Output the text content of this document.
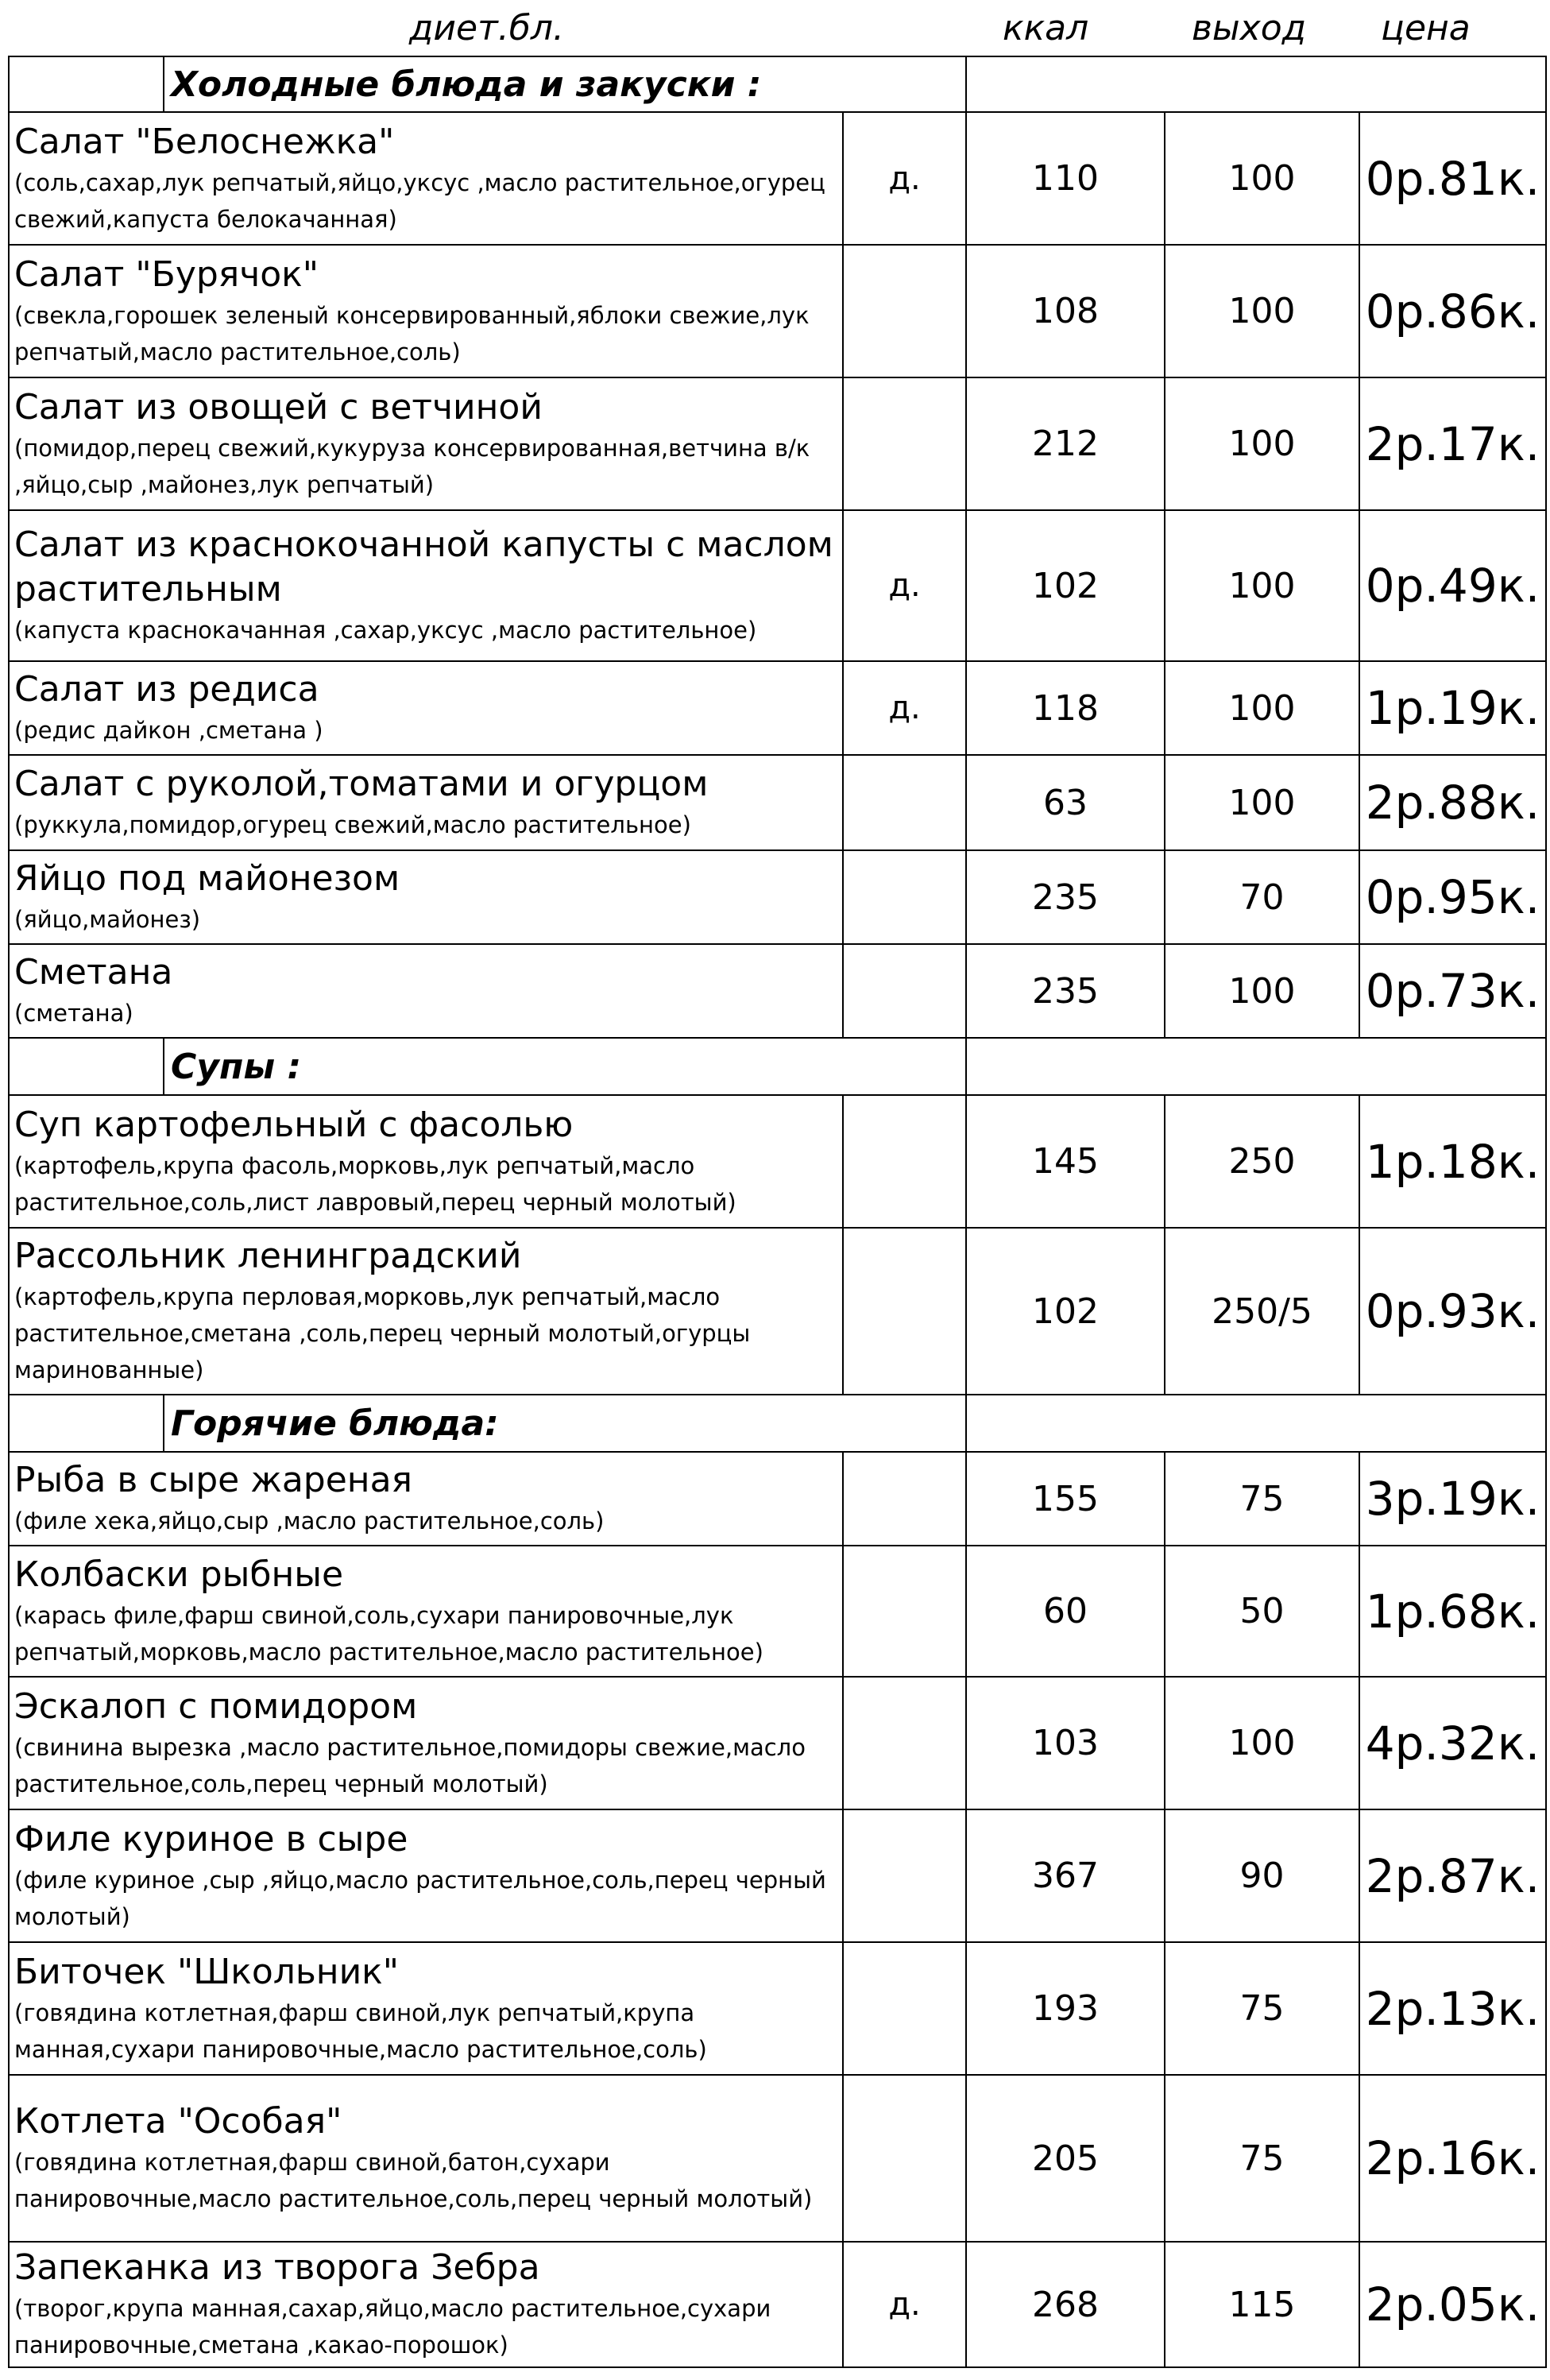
диет.бл.	ккал	выход цена
	Холодные блюда и закуски :				

Салат "Белоснежка"
(соль,сахар,лук репчатый,яйцо,уксус ,масло растительное,огурец свежий,капуста белокачанная)		д.	110	100	0р.81к.

Салат "Бурячок"
(свекла,горошек зеленый консервированный,яблоки свежие,лук репчатый,масло растительное,соль)			108	100	0р.86к.

Салат из овощей с ветчиной
(помидор,перец свежий,кукуруза консервированная,ветчина в/к ,яйцо,сыр ,майонез,лук репчатый)			212	100	2р.17к.

Салат из краснокочанной капусты с маслом растительным
(капуста краснокачанная ,сахар,уксус ,масло растительное)		д.	102	100	0р.49к.

Салат из редиса
(редис дайкон ,сметана )		д.	118	100	1р.19к.

Салат с руколой,томатами и огурцом
(руккула,помидор,огурец свежий,масло растительное)			63	100	2р.88к.

Яйцо под майонезом
(яйцо,майонез)			235	70	0р.95к.

Сметана
(сметана)			235	100	0р.73к.
	Супы :				

Суп картофельный с фасолью
(картофель,крупа фасоль,морковь,лук репчатый,масло растительное,соль,лист лавровый,перец черный молотый)			145	250	1р.18к.

Рассольник ленинградский
(картофель,крупа перловая,морковь,лук репчатый,масло растительное,сметана ,соль,перец черный молотый,огурцы маринованные)			102	250/5	0р.93к.
	Горячие блюда:				

Рыба в сыре жареная
(филе хека,яйцо,сыр ,масло растительное,соль)			155	75	3р.19к.

Колбаски рыбные
(карась филе,фарш свиной,соль,сухари панировочные,лук репчатый,морковь,масло растительное,масло растительное)			60	50	1р.68к.

Эскалоп с помидором
(свинина вырезка ,масло растительное,помидоры свежие,масло растительное,соль,перец черный молотый)			103	100	4р.32к.

Филе куриное в сыре
(филе куриное ,сыр ,яйцо,масло растительное,соль,перец черный молотый)			367	90	2р.87к.

Биточек "Школьник"
(говядина котлетная,фарш свиной,лук репчатый,крупа манная,сухари панировочные,масло растительное,соль)			193	75	2р.13к.

Котлета "Особая"
(говядина котлетная,фарш свиной,батон,сухари панировочные,масло растительное,соль,перец черный молотый)			205	75	2р.16к.

Запеканка из творога Зебра
(творог,крупа манная,сахар,яйцо,масло растительное,сухари панировочные,сметана ,какао-порошок)		д.	268	115	2р.05к.
